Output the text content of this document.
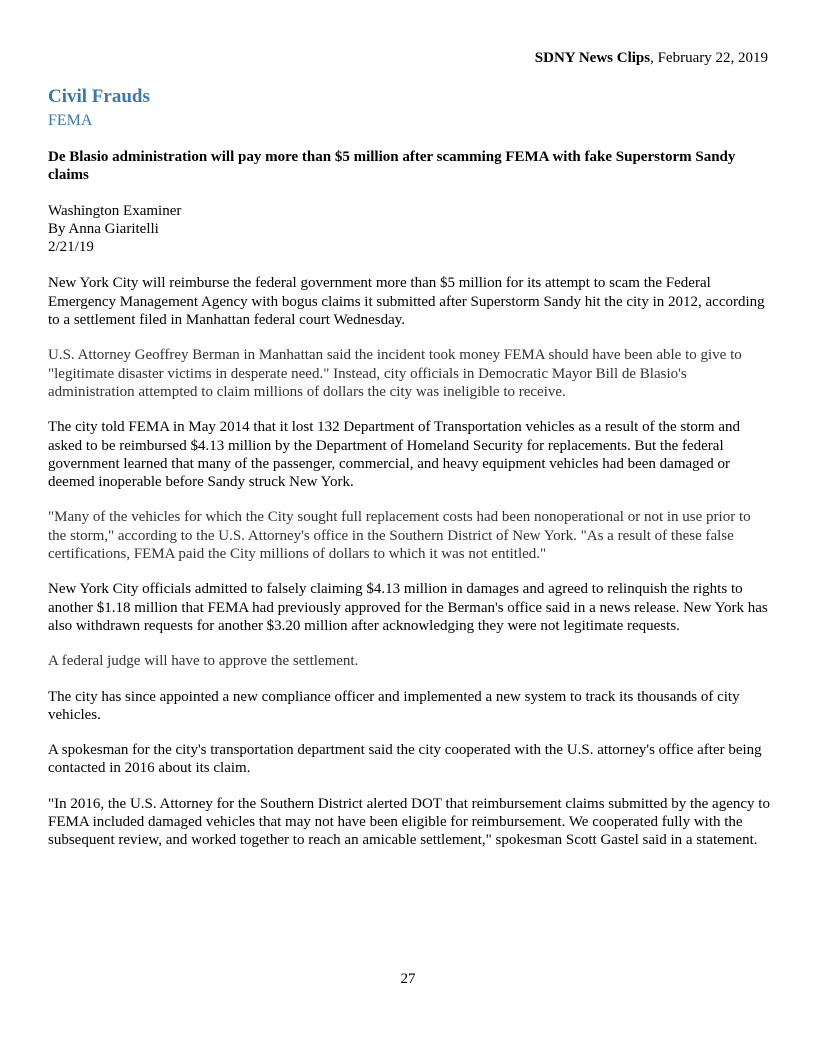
SDNY News Clips, February 22, 2019
Civil Frauds
FEMA

De Blasio administration will pay more than $5 million after scamming FEMA with fake Superstorm Sandy claims

Washington Examiner
By Anna Giaritelli
2/21/19

New York City will reimburse the federal government more than $5 million for its attempt to scam the Federal Emergency Management Agency with bogus claims it submitted after Superstorm Sandy hit the city in 2012, according to a settlement filed in Manhattan federal court Wednesday.

U.S. Attorney Geoffrey Berman in Manhattan said the incident took money FEMA should have been able to give to "legitimate disaster victims in desperate need." Instead, city officials in Democratic Mayor Bill de Blasio's administration attempted to claim millions of dollars the city was ineligible to receive.

The city told FEMA in May 2014 that it lost 132 Department of Transportation vehicles as a result of the storm and asked to be reimbursed $4.13 million by the Department of Homeland Security for replacements. But the federal government learned that many of the passenger, commercial, and heavy equipment vehicles had been damaged or deemed inoperable before Sandy struck New York.

"Many of the vehicles for which the City sought full replacement costs had been nonoperational or not in use prior to the storm," according to the U.S. Attorney's office in the Southern District of New York. "As a result of these false certifications, FEMA paid the City millions of dollars to which it was not entitled."

New York City officials admitted to falsely claiming $4.13 million in damages and agreed to relinquish the rights to another $1.18 million that FEMA had previously approved for the Berman's office said in a news release. New York has also withdrawn requests for another $3.20 million after acknowledging they were not legitimate requests.

A federal judge will have to approve the settlement.

The city has since appointed a new compliance officer and implemented a new system to track its thousands of city vehicles.

A spokesman for the city's transportation department said the city cooperated with the U.S. attorney's office after being contacted in 2016 about its claim.

"In 2016, the U.S. Attorney for the Southern District alerted DOT that reimbursement claims submitted by the agency to FEMA included damaged vehicles that may not have been eligible for reimbursement. We cooperated fully with the subsequent review, and worked together to reach an amicable settlement," spokesman Scott Gastel said in a statement.

27
